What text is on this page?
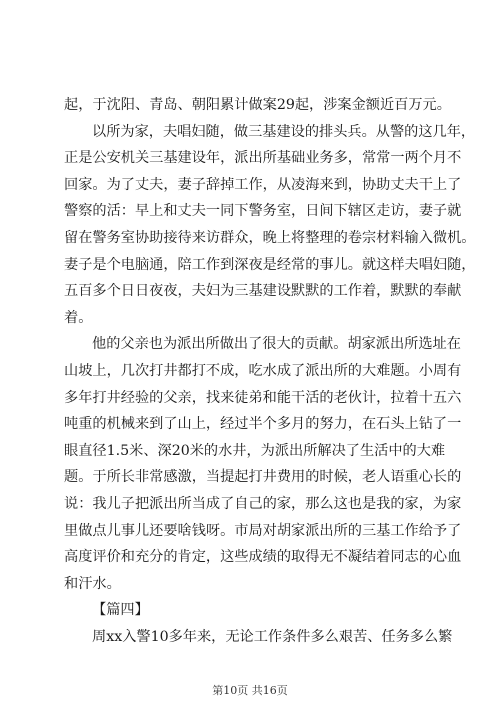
起，于沈阳、青岛、朝阳累计做案29起，涉案金额近百万元。
以所为家，夫唱妇随，做三基建设的排头兵。从警的这几年，
正是公安机关三基建设年，派出所基础业务多，常常一两个月不
回家。为了丈夫，妻子辞掉工作，从凌海来到，协助丈夫干上了
警察的活：早上和丈夫一同下警务室，日间下辖区走访，妻子就
留在警务室协助接待来访群众，晚上将整理的卷宗材料输入微机。
妻子是个电脑通，陪工作到深夜是经常的事儿。就这样夫唱妇随，
五百多个日日夜夜，夫妇为三基建设默默的工作着，默默的奉献
着。
他的父亲也为派出所做出了很大的贡献。胡家派出所选址在
山坡上，几次打井都打不成，吃水成了派出所的大难题。小周有
多年打井经验的父亲，找来徒弟和能干活的老伙计，拉着十五六
吨重的机械来到了山上，经过半个多月的努力，在石头上钻了一
眼直径1.5米、深20米的水井，为派出所解决了生活中的大难
题。于所长非常感激，当提起打井费用的时候，老人语重心长的
说：我儿子把派出所当成了自己的家，那么这也是我的家，为家
里做点儿事儿还要啥钱呀。市局对胡家派出所的三基工作给予了
高度评价和充分的肯定，这些成绩的取得无不凝结着同志的心血
和汗水。
【篇四】
周xx入警10多年来，无论工作条件多么艰苦、任务多么繁
第10页 共16页
